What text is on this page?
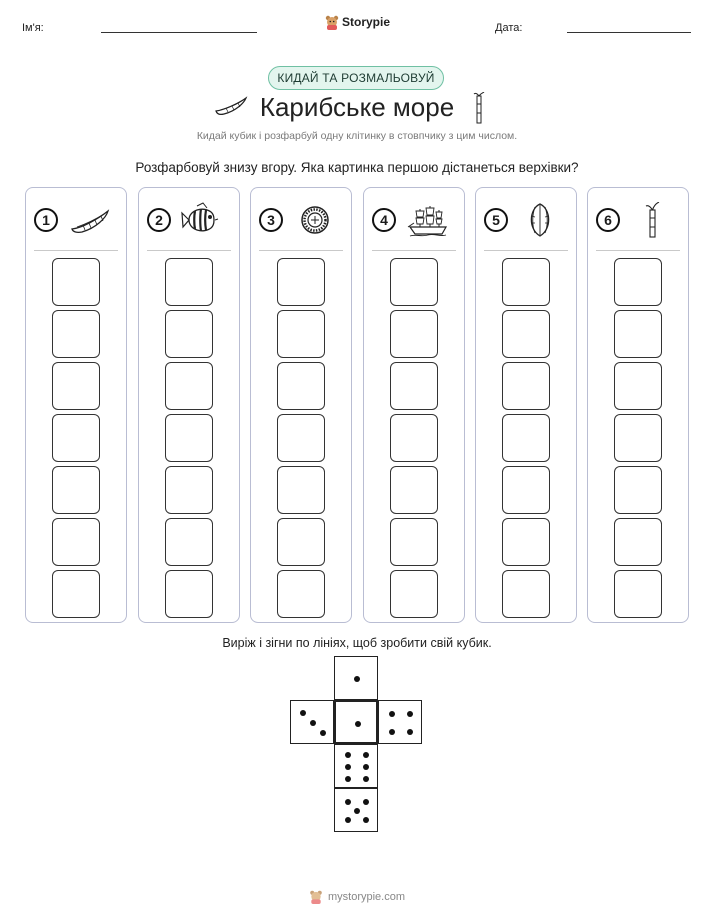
Ім'я:	Storypie	Дата:
КИДАЙ ТА РОЗМАЛЬОВУЙ
Карибське море
Кидай кубик і розфарбуй одну клітинку в стовпчику з цим числом.
Розфарбовуй знизу вгору. Яка картинка першою дістанеться верхівки?
1	2	3	4	5	6
Виріж і зігни по лініях, щоб зробити свій кубик.
mystorypie.com
